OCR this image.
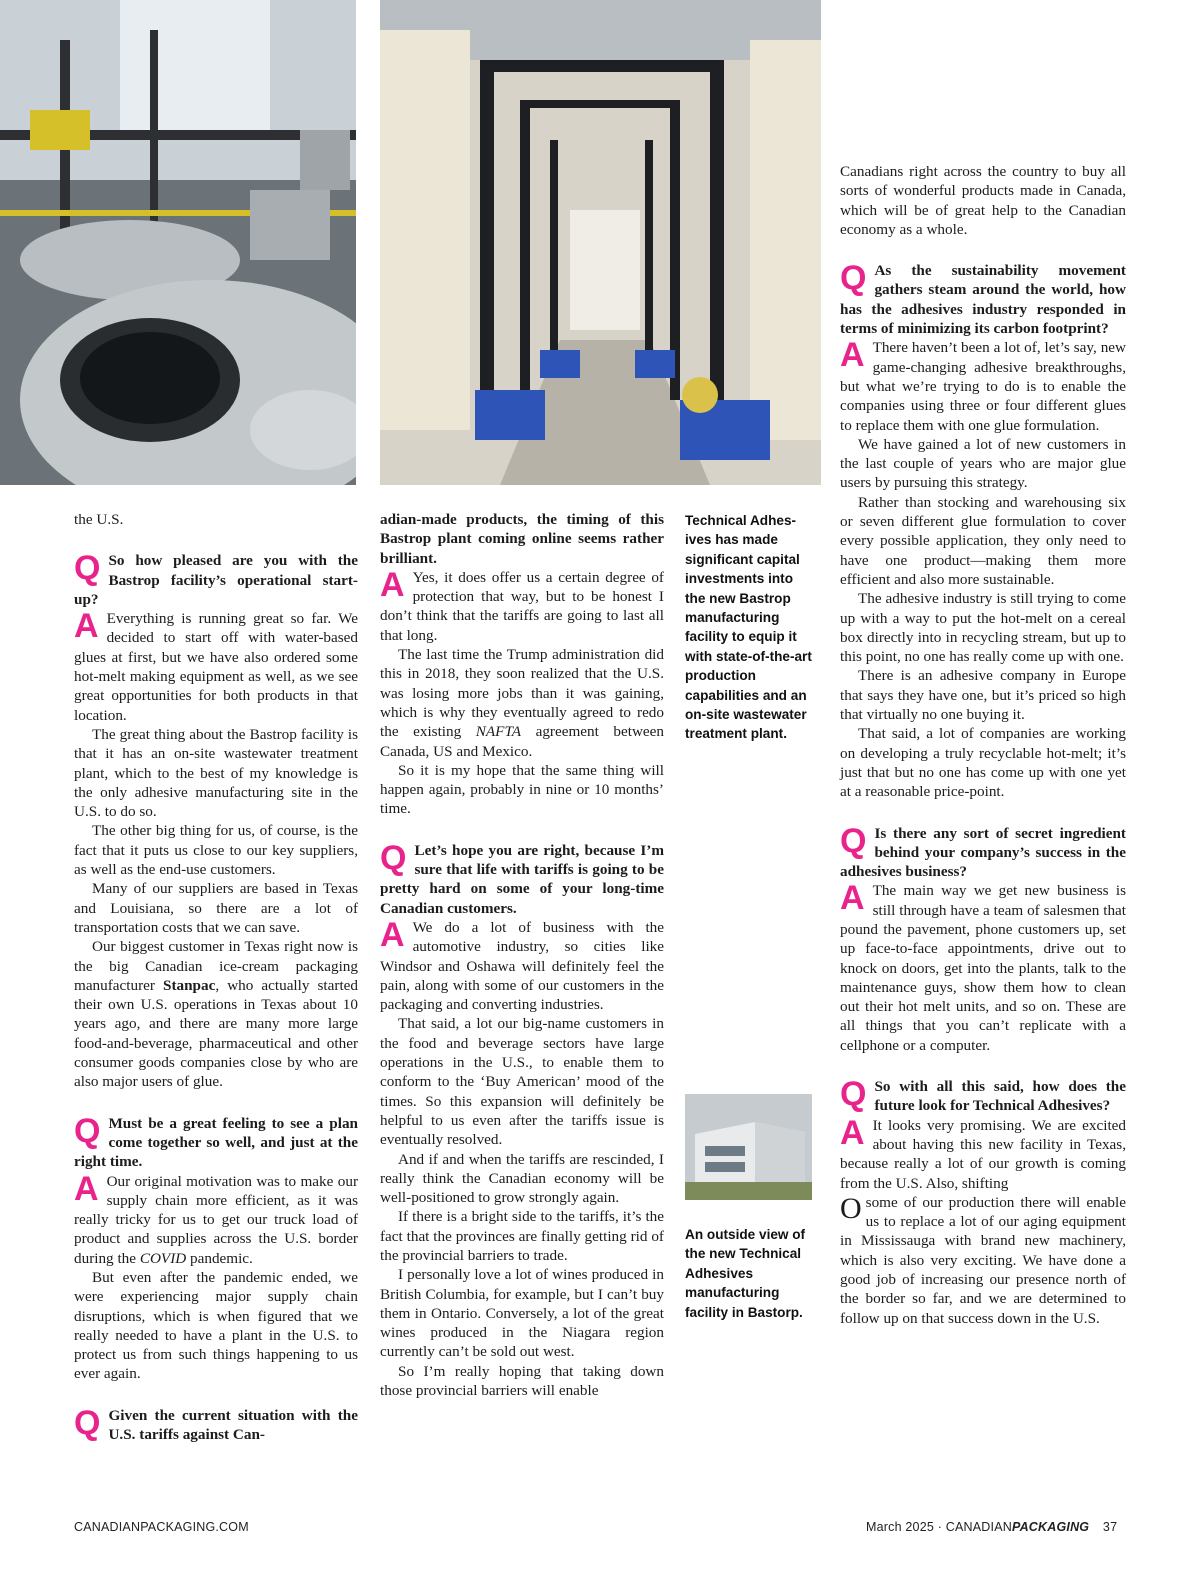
the U.S.

Q So how pleased are you with the Bastrop facility’s operational start-up?
A Everything is running great so far. We decided to start off with water-based glues at first, but we have also ordered some hot-melt making equipment as well, as we see great opportunities for both products in that location.

The great thing about the Bastrop facility is that it has an on-site wastewater treatment plant, which to the best of my knowledge is the only adhesive manufacturing site in the U.S. to do so.

The other big thing for us, of course, is the fact that it puts us close to our key suppliers, as well as the end-use customers.

Many of our suppliers are based in Texas and Louisiana, so there are a lot of transportation costs that we can save.

Our biggest customer in Texas right now is the big Canadian ice-cream packaging manufacturer Stanpac, who actually started their own U.S. operations in Texas about 10 years ago, and there are many more large food-and-beverage, pharmaceutical and other consumer goods companies close by who are also major users of glue.

Q Must be a great feeling to see a plan come together so well, and just at the right time.
A Our original motivation was to make our supply chain more efficient, as it was really tricky for us to get our truck load of product and supplies across the U.S. border during the COVID pandemic.

But even after the pandemic ended, we were experiencing major supply chain disruptions, which is when figured that we really needed to have a plant in the U.S. to protect us from such things happening to us ever again.

Q Given the current situation with the U.S. tariffs against Can-

adian-made products, the timing of this Bastrop plant coming online seems rather brilliant.

A Yes, it does offer us a certain degree of protection that way, but to be honest I don’t think that the tariffs are going to last all that long.

The last time the Trump administration did this in 2018, they soon realized that the U.S. was losing more jobs than it was gaining, which is why they eventually agreed to redo the existing NAFTA agreement between Canada, US and Mexico.

So it is my hope that the same thing will happen again, probably in nine or 10 months’ time.

Q Let’s hope you are right, because I’m sure that life with tariffs is going to be pretty hard on some of your long-time Canadian customers.
A We do a lot of business with the automotive industry, so cities like Windsor and Oshawa will definitely feel the pain, along with some of our customers in the packaging and converting industries.

That said, a lot our big-name customers in the food and beverage sectors have large operations in the U.S., to enable them to conform to the ‘Buy American’ mood of the times. So this expansion will definitely be helpful to us even after the tariffs issue is eventually resolved.

And if and when the tariffs are rescinded, I really think the Canadian economy will be well-positioned to grow strongly again.

If there is a bright side to the tariffs, it’s the fact that the provinces are finally getting rid of the provincial barriers to trade.

I personally love a lot of wines produced in British Columbia, for example, but I can’t buy them in Ontario. Conversely, a lot of the great wines produced in the Niagara region currently can’t be sold out west.

So I’m really hoping that taking down those provincial barriers will enable

Technical Adhes-ives has made significant capital investments into the new Bastrop manufacturing facility to equip it with state-of-the-art production capabilities and an on-site wastewater treatment plant.
An outside view of the new Technical Adhesives manufacturing facility in Bastorp.

Canadians right across the country to buy all sorts of wonderful products made in Canada, which will be of great help to the Canadian economy as a whole.

Q As the sustainability movement gathers steam around the world, how has the adhesives industry responded in terms of minimizing its carbon footprint?
A There haven’t been a lot of, let’s say, new game-changing adhesive breakthroughs, but what we’re trying to do is to enable the companies using three or four different glues to replace them with one glue formulation.

We have gained a lot of new customers in the last couple of years who are major glue users by pursuing this strategy.

Rather than stocking and warehousing six or seven different glue formulation to cover every possible application, they only need to have one product—making them more efficient and also more sustainable.

The adhesive industry is still trying to come up with a way to put the hot-melt on a cereal box directly into in recycling stream, but up to this point, no one has really come up with one.

There is an adhesive company in Europe that says they have one, but it’s priced so high that virtually no one buying it.

That said, a lot of companies are working on developing a truly recyclable hot-melt; it’s just that but no one has come up with one yet at a reasonable price-point.

Q Is there any sort of secret ingredient behind your company’s success in the adhesives business?
A The main way we get new business is still through have a team of salesmen that pound the pavement, phone customers up, set up face-to-face appointments, drive out to knock on doors, get into the plants, talk to the maintenance guys, show them how to clean out their hot melt units, and so on. These are all things that you can’t replicate with a cellphone or a computer.
Q So with all this said, how does the future look for Technical Adhesives?
A It looks very promising. We are excited about having this new facility in Texas, because really a lot of our growth is coming from the U.S. Also, shifting
Osome of our production there will enable us to replace a lot of our aging equipment in Mississauga with brand new machinery, which is also very exciting. We have done a good job of increasing our presence north of the border so far, and we are determined to follow up on that success down in the U.S.
CANADIANPACKAGING.COM	March 2025 · CANADIANPACKAGING 37
